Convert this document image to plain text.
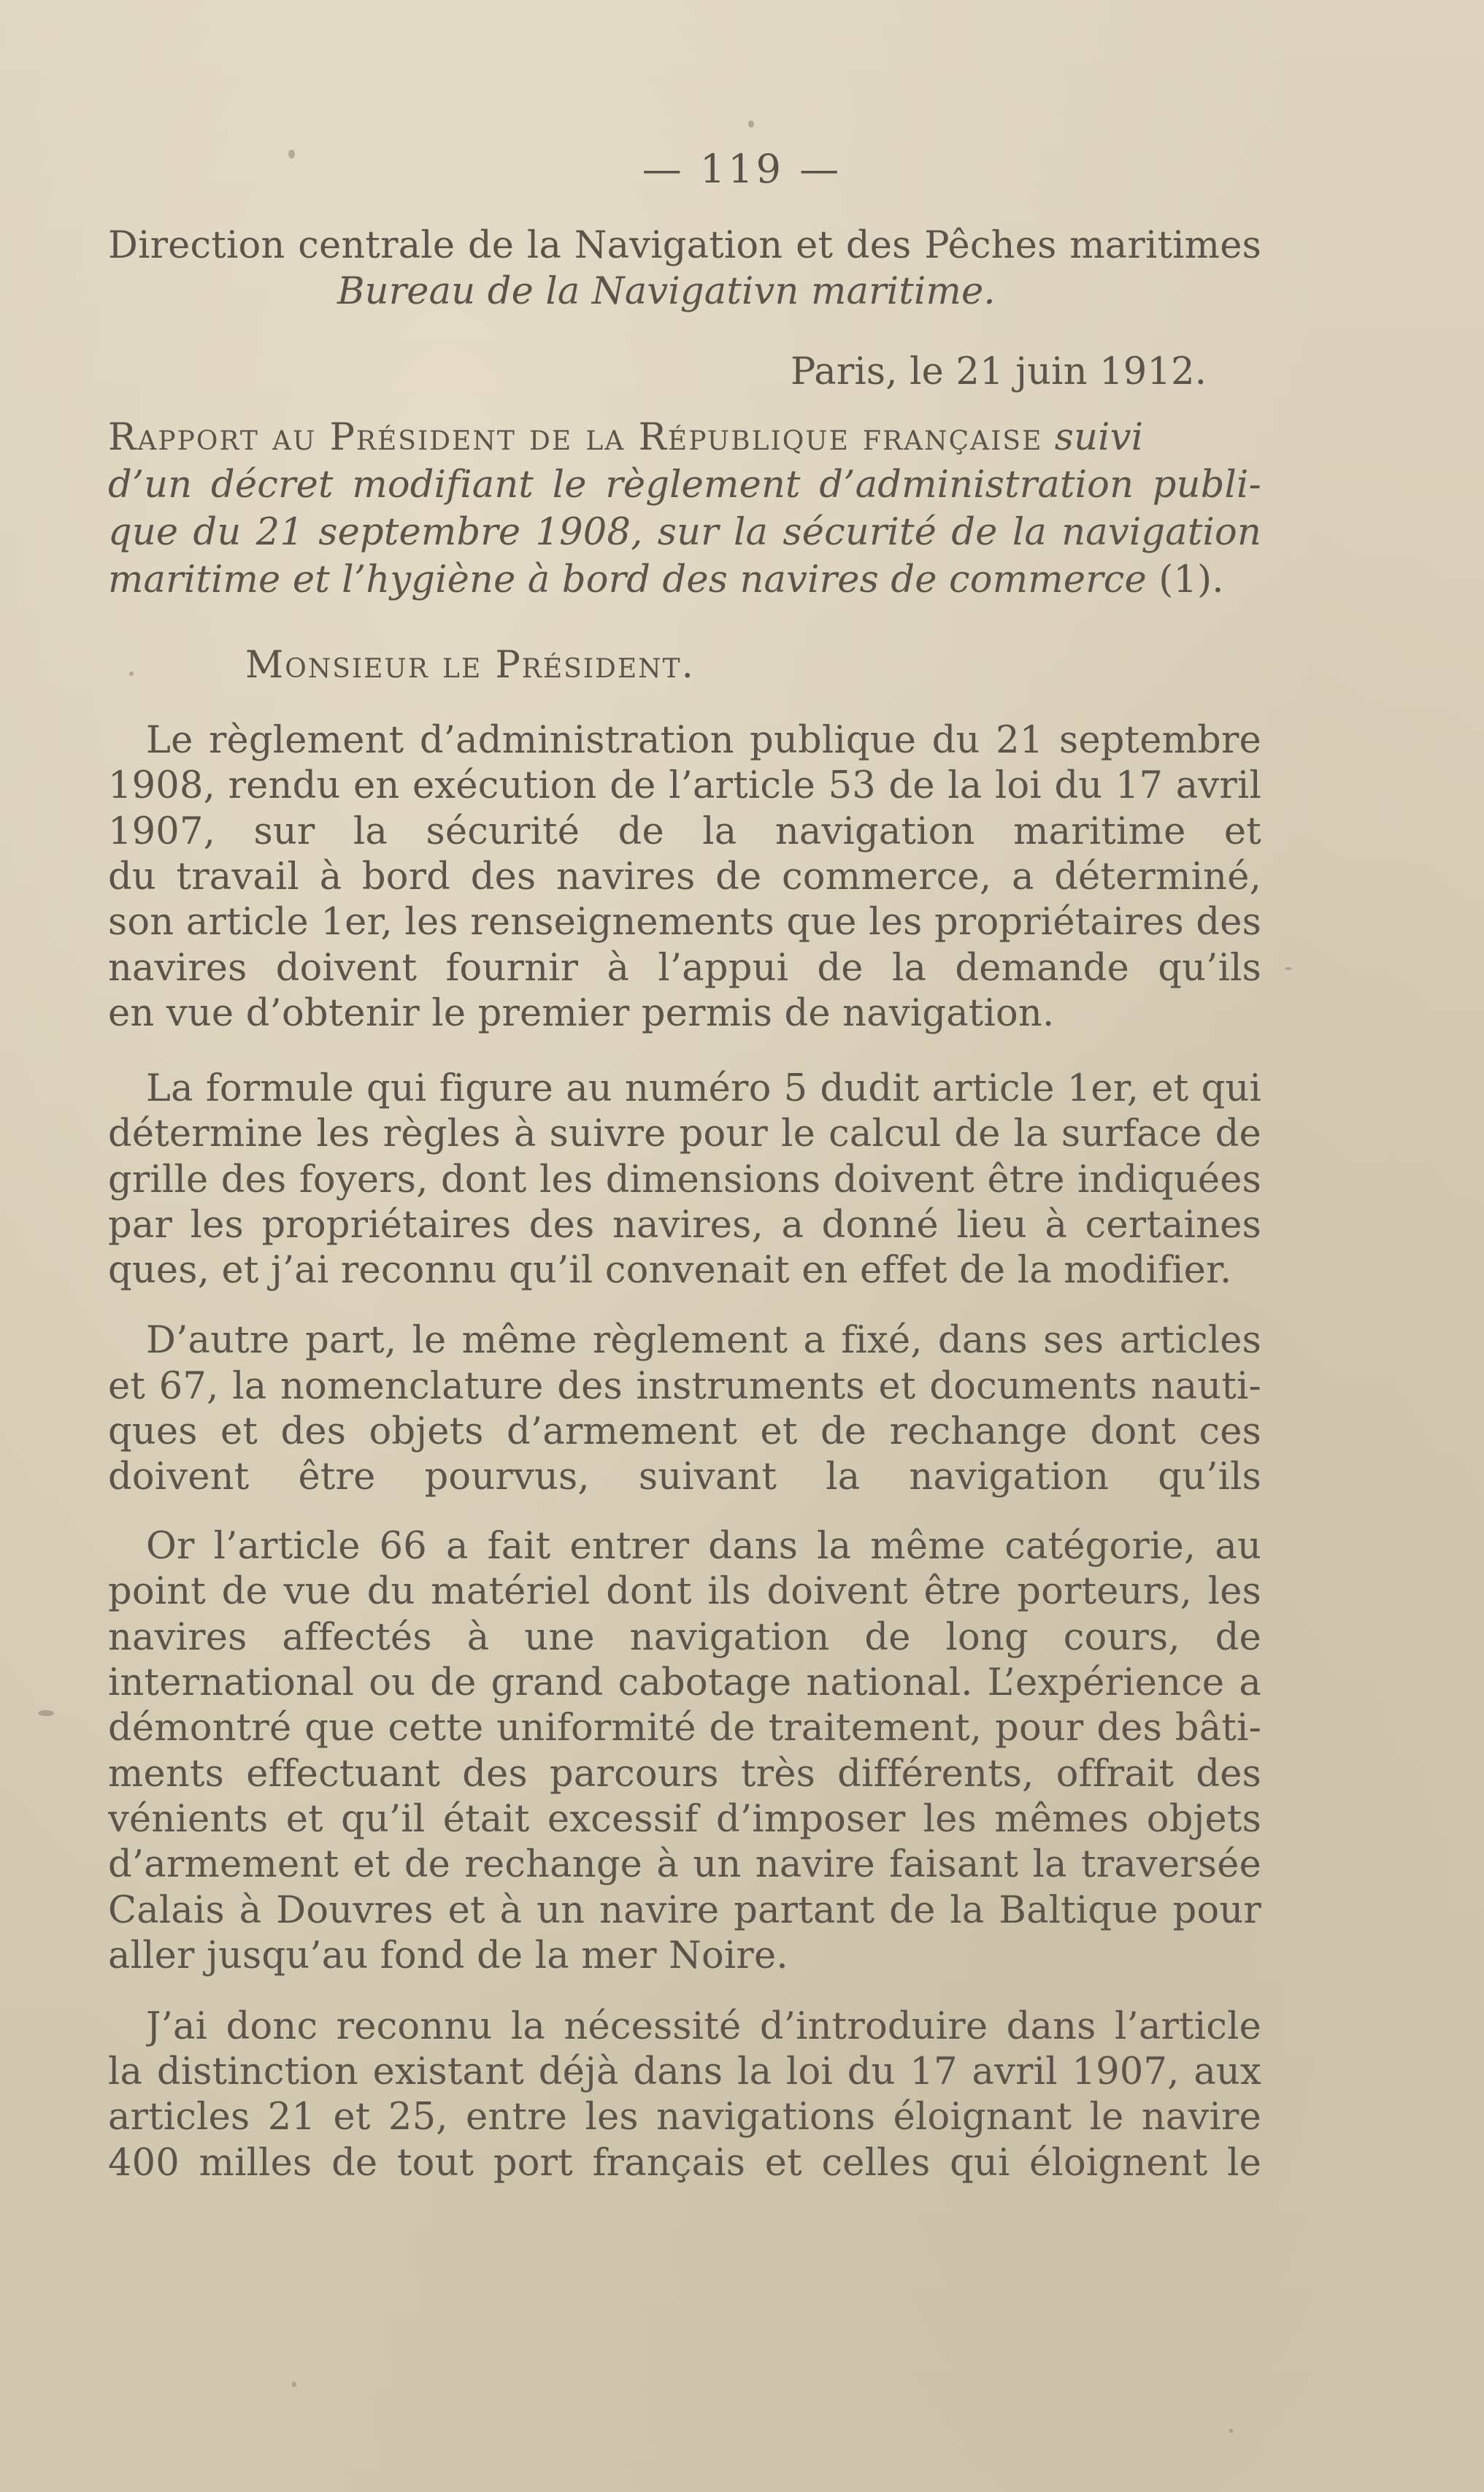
— 119 —
Direction centrale de la Navigation et des Pêches maritimes
Bureau de la Navigativn maritime.
Paris, le 21 juin 1912.
Rapport au Président de la République française suivi
d’un décret modifiant le règlement d’administration publi-
que du 21 septembre 1908, sur la sécurité de la navigation
maritime et l’hygiène à bord des navires de commerce (1).
Monsieur le Président.
Le règlement d’administration publique du 21 septembre
1908, rendu en exécution de l’article 53 de la loi du 17 avril
1907, sur la sécurité de la navigation maritime et
du travail à bord des navires de commerce, a déterminé,
son article 1er, les renseignements que les propriétaires des
navires doivent fournir à l’appui de la demande qu’ils
en vue d’obtenir le premier permis de navigation.
La formule qui figure au numéro 5 dudit article 1er, et qui
détermine les règles à suivre pour le calcul de la surface de
grille des foyers, dont les dimensions doivent être indiquées
par les propriétaires des navires, a donné lieu à certaines
ques, et j’ai reconnu qu’il convenait en effet de la modifier.
D’autre part, le même règlement a fixé, dans ses articles
et 67, la nomenclature des instruments et documents nauti-
ques et des objets d’armement et de rechange dont ces
doivent être pourvus, suivant la navigation qu’ils
Or l’article 66 a fait entrer dans la même catégorie, au
point de vue du matériel dont ils doivent être porteurs, les
navires affectés à une navigation de long cours, de
international ou de grand cabotage national. L’expérience a
démontré que cette uniformité de traitement, pour des bâti-
ments effectuant des parcours très différents, offrait des
vénients et qu’il était excessif d’imposer les mêmes objets
d’armement et de rechange à un navire faisant la traversée
Calais à Douvres et à un navire partant de la Baltique pour
aller jusqu’au fond de la mer Noire.
J’ai donc reconnu la nécessité d’introduire dans l’article
la distinction existant déjà dans la loi du 17 avril 1907, aux
articles 21 et 25, entre les navigations éloignant le navire
400 milles de tout port français et celles qui éloignent le
